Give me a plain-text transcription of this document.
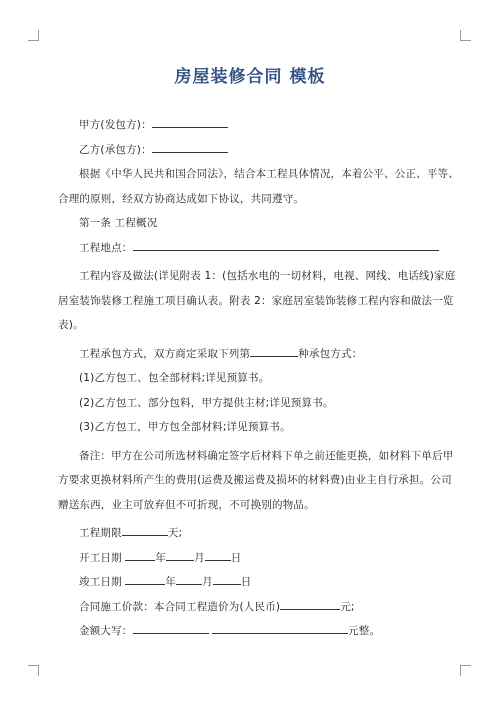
房屋装修合同 模板
甲方(发包方)：
乙方(承包方)：
根据《中华人民共和国合同法》，结合本工程具体情况，本着公平、公正、平等、
合理的原则，经双方协商达成如下协议，共同遵守。
第一条 工程概况
工程地点：
工程内容及做法(详见附表 1：(包括水电的一切材料，电视、网线、电话线)家庭
居室装饰装修工程施工项目确认表。附表 2：家庭居室装饰装修工程内容和做法一览
表)。
工程承包方式，双方商定采取下列第	种承包方式：
(1)乙方包工、包全部材料;详见预算书。
(2)乙方包工、部分包料，甲方提供主材;详见预算书。
(3)乙方包工，甲方包全部材料;详见预算书。
备注：甲方在公司所选材料确定签字后材料下单之前还能更换，如材料下单后甲
方要求更换材料所产生的费用(运费及搬运费及损坏的材料费)由业主自行承担。公司
赠送东西，业主可放弃但不可折现，不可换别的物品。
工程期限	天;
开工日期	年	月 日
竣工日期	年 月	日
合同施工价款：本合同工程造价为(人民币)	元;
金额大写：	元整。
